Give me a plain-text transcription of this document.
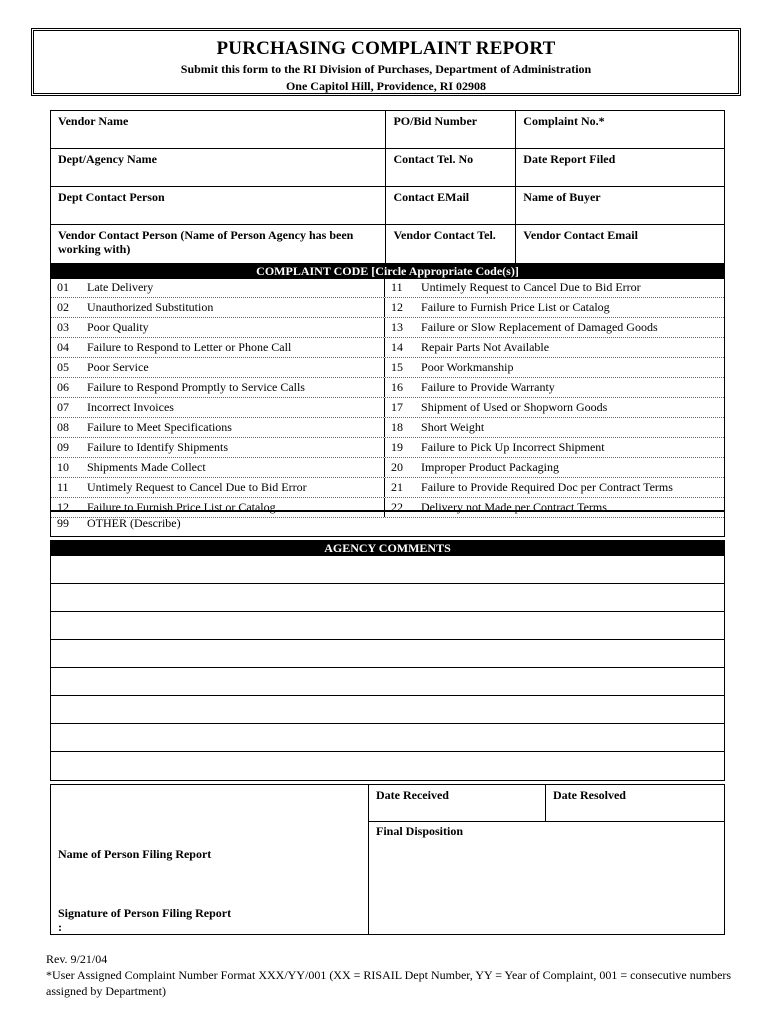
PURCHASING COMPLAINT REPORT
Submit this form to the RI Division of Purchases, Department of Administration
One Capitol Hill, Providence, RI 02908
Vendor Name	PO/Bid Number	Complaint No.*
Dept/Agency Name	Contact Tel. No	Date Report Filed
Dept Contact Person	Contact EMail	Name of Buyer
Vendor Contact Person (Name of Person Agency has been working with)	Vendor Contact Tel.	Vendor Contact Email
COMPLAINT CODE [Circle Appropriate Code(s)]
01	Late Delivery	11	Untimely Request to Cancel Due to Bid Error
02	Unauthorized Substitution	12	Failure to Furnish Price List or Catalog
03	Poor Quality	13	Failure or Slow Replacement of Damaged Goods
04	Failure to Respond to Letter or Phone Call	14	Repair Parts Not Available
05	Poor Service	15	Poor Workmanship
06	Failure to Respond Promptly to Service Calls	16	Failure to Provide Warranty
07	Incorrect Invoices	17	Shipment of Used or Shopworn Goods
08	Failure to Meet Specifications	18	Short Weight
09	Failure to Identify Shipments	19	Failure to Pick Up Incorrect Shipment
10	Shipments Made Collect	20	Improper Product Packaging
11	Untimely Request to Cancel Due to Bid Error	21	Failure to Provide Required Doc per Contract Terms
12	Failure to Furnish Price List or Catalog	22	Delivery not Made per Contract Terms
99	OTHER (Describe)
AGENCY COMMENTS
Date Received	Date Resolved
Final Disposition
Name of Person Filing Report
Signature of Person Filing Report
:
Rev. 9/21/04
*User Assigned Complaint Number Format XXX/YY/001 (XX = RISAIL Dept Number, YY = Year of Complaint, 001 = consecutive numbers assigned by Department)
